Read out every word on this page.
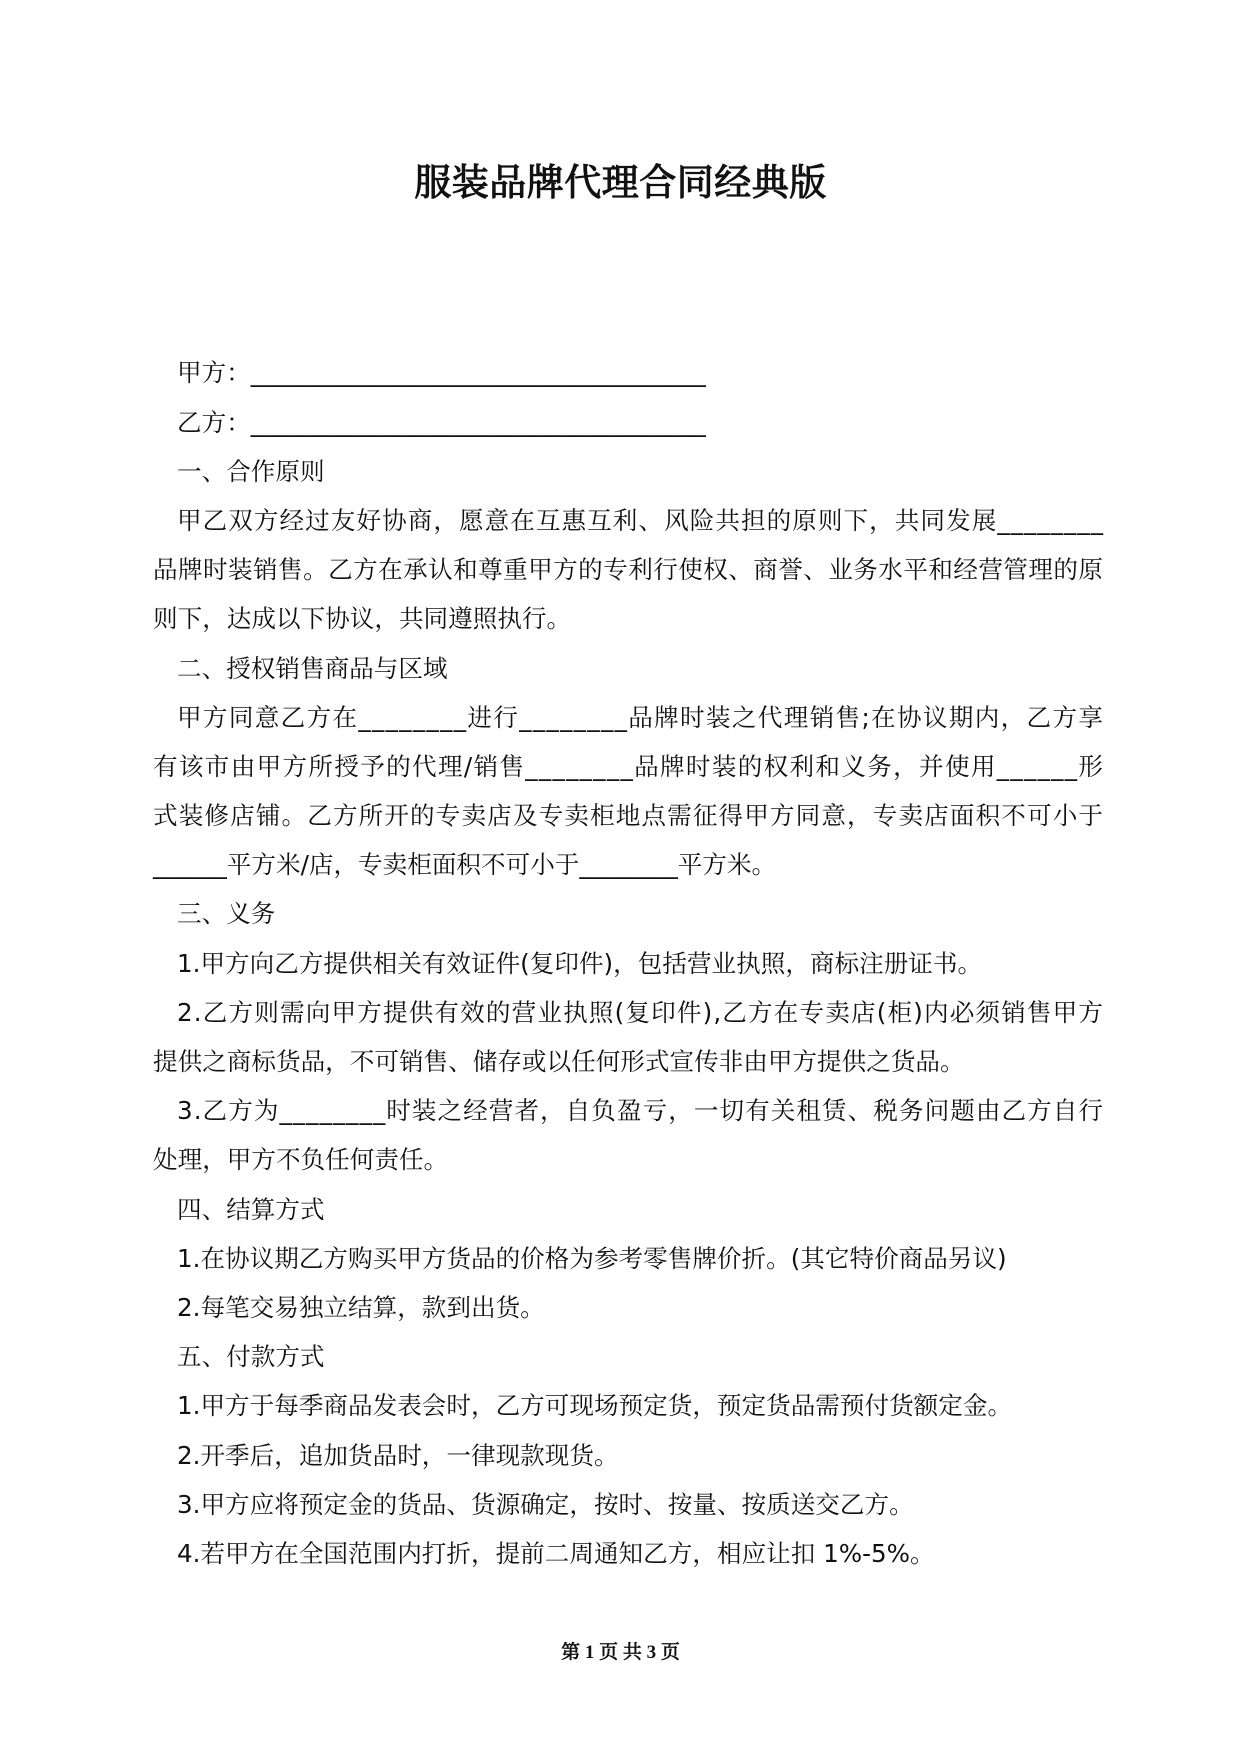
服装品牌代理合同经典版
甲方：_____________________________________
乙方：_____________________________________
一、合作原则
甲乙双方经过友好协商，愿意在互惠互利、风险共担的原则下，共同发展________
品牌时装销售。乙方在承认和尊重甲方的专利行使权、商誉、业务水平和经营管理的原
则下，达成以下协议，共同遵照执行。
二、授权销售商品与区域
甲方同意乙方在________进行________品牌时装之代理销售;在协议期内，乙方享
有该市由甲方所授予的代理/销售________品牌时装的权利和义务，并使用______形
式装修店铺。乙方所开的专卖店及专卖柜地点需征得甲方同意，专卖店面积不可小于
______平方米/店，专卖柜面积不可小于________平方米。
三、义务
1.甲方向乙方提供相关有效证件(复印件)，包括营业执照，商标注册证书。
2.乙方则需向甲方提供有效的营业执照(复印件),乙方在专卖店(柜)内必须销售甲方
提供之商标货品，不可销售、储存或以任何形式宣传非由甲方提供之货品。
3.乙方为________时装之经营者，自负盈亏，一切有关租赁、税务问题由乙方自行
处理，甲方不负任何责任。
四、结算方式
1.在协议期乙方购买甲方货品的价格为参考零售牌价折。(其它特价商品另议)
2.每笔交易独立结算，款到出货。
五、付款方式
1.甲方于每季商品发表会时，乙方可现场预定货，预定货品需预付货额定金。
2.开季后，追加货品时，一律现款现货。
3.甲方应将预定金的货品、货源确定，按时、按量、按质送交乙方。
4.若甲方在全国范围内打折，提前二周通知乙方，相应让扣 1%-5%。
第 1 页 共 3 页
